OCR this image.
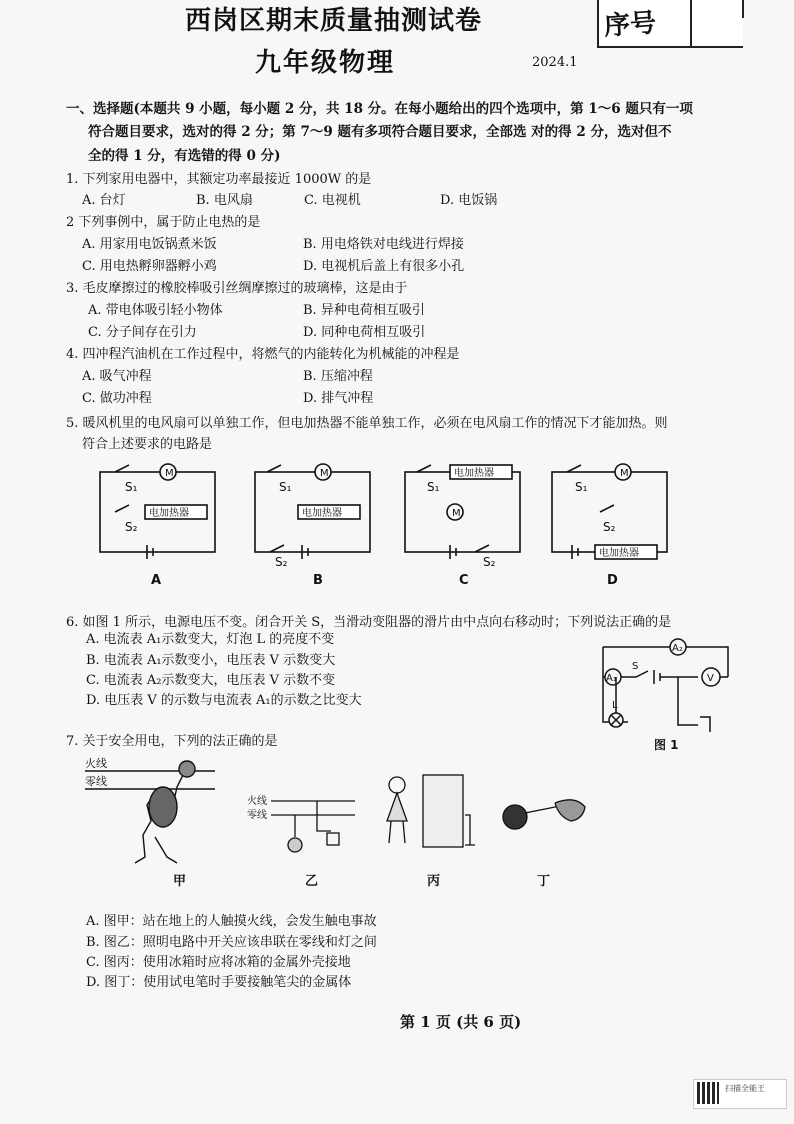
西岗区期末质量抽测试卷
九年级物理	2024.1
序号
一、选择题(本题共 9 小题，每小题 2 分，共 18 分。在每小题给出的四个选项中，第 1～6 题只有一项
符合题目要求，选对的得 2 分；第 7～9 题有多项符合题目要求，全部选 对的得 2 分，选对但不
全的得 1 分，有选错的得 0 分)
1. 下列家用电器中，其额定功率最接近 1000W 的是
A. 台灯	B. 电风扇	C. 电视机	D. 电饭锅
2 下列事例中，属于防止电热的是
A. 用家用电饭锅煮米饭	B. 用电烙铁对电线进行焊接
C. 用电热孵卵器孵小鸡	D. 电视机后盖上有很多小孔
3. 毛皮摩擦过的橡胶棒吸引丝绸摩擦过的玻璃棒，这是由于
A. 带电体吸引轻小物体	B. 异种电荷相互吸引
C. 分子间存在引力	D. 同种电荷相互吸引
4. 四冲程汽油机在工作过程中，将燃气的内能转化为机械能的冲程是
A. 吸气冲程	B. 压缩冲程
C. 做功冲程	D. 排气冲程
5. 暖风机里的电风扇可以单独工作，但电加热器不能单独工作，必须在电风扇工作的情况下才能加热。则
符合上述要求的电路是
M	M
M
M
电加热器	电加热器
电加热器
电加热器
S₁
S₂
S₁
S₂
S₁
S₂
S₁
S₂
A	B	C	D
6. 如图 1 所示，电源电压不变。闭合开关 S，当滑动变阻器的滑片由中点向右移动时；下列说法正确的是
A. 电流表 A₁示数变大，灯泡 L 的亮度不变
B. 电流表 A₁示数变小，电压表 V 示数变大
C. 电流表 A₂示数变大，电压表 V 示数不变
D. 电压表 V 的示数与电流表 A₁的示数之比变大
A₂
A₁	V
S
L
图 1
7. 关于安全用电，下列的法正确的是
火线
零线
火线
零线
甲	乙	丙	丁
A. 图甲：站在地上的人触摸火线，会发生触电事故
B. 图乙：照明电路中开关应该串联在零线和灯之间
C. 图丙：使用冰箱时应将冰箱的金属外壳接地
D. 图丁：使用试电笔时手要接触笔尖的金属体
第 1 页 (共 6 页)
扫描全能王
